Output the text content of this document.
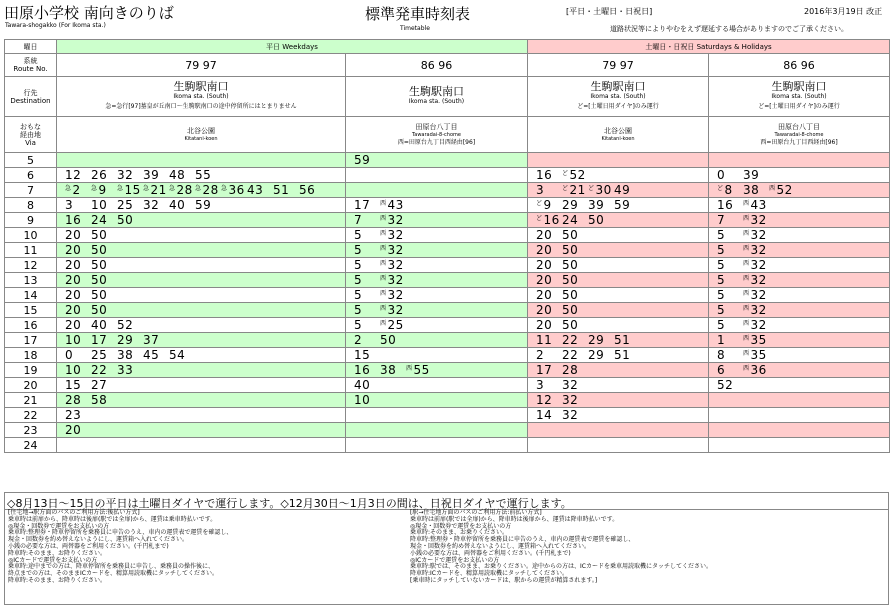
田原小学校 南向きのりば
Tawara-shogakko (For Ikoma sta.)
標準発車時刻表
Timetable
[平日・土曜日・日祝日]	2016年3月19日 改正
道路状況等によりやむをえず遅延する場合がありますのでご了承ください。
曜日	平日 Weekdays		土曜日・日祝日 Saturdays & Holidays	
系統
Route No.	79 97	86 96	79 97	86 96
行先
Destination	生駒駅南口
Ikoma sta. (South)
急=急行[97]墓皇が丘南口～生駒駅南口の途中停留所にはとまりません	生駒駅南口
Ikoma sta. (South)	生駒駅南口
Ikoma sta. (South)
ど=[土曜日用ダイヤ]のみ運行	生駒駅南口
Ikoma sta. (South)
ど=[土曜日用ダイヤ]のみ運行

おもな
経由地
Via	北谷公園
Kitatani-koen	田原台八丁目
Tawaradai-8-chome
西=田原台九丁目西経由[96]	北谷公園
Kitatani-koen	田原台八丁目
Tawaradai-8-chome
西=田原台九丁目西経由[96]

5		59		
6	12 26 32 39 48 55		16 $^ど$52	0 39
7	$^急$2 $^急$9 $^急$15 $^急$21 $^急$28 $^急$28 $^急$36 43 51 56		3 $^ど$21 $^ど$30 49	$^ど$8 38 $^西$52
8	3 10 25 32 40 59	17 $^西$43	$^ど$9 29 39 59	16 $^西$43
9	16 24 50	7 $^西$32	$^ど$16 24 50	7 $^西$32
10	20 50	5 $^西$32	20 50	5 $^西$32
11	20 50	5 $^西$32	20 50	5 $^西$32
12	20 50	5 $^西$32	20 50	5 $^西$32
13	20 50	5 $^西$32	20 50	5 $^西$32
14	20 50	5 $^西$32	20 50	5 $^西$32
15	20 50	5 $^西$32	20 50	5 $^西$32
16	20 40 52	5 $^西$25	20 50	5 $^西$32
17	10 17 29 37	2 50	11 22 29 51	1 $^西$35
18	0 25 38 45 54	15	2 22 29 51	8 $^西$35
19	10 22 33	16 38 $^西$55	17 28	6 $^西$36
20	15 27	40	3 32	52
21	28 58	10	12 32	
22	23		14 32	
23	20			
24				
◇8月13日～15日の平日は土曜日ダイヤで運行します。◇12月30日～1月3日の間は、日祝日ダイヤで運行します。
[住宅地→駅方面のバスのご利用方法:後払い方式]
乗車時は前扉から、降車時は後扉(駅では全扉)から、運賃は乗車時払いです。
◎現金・回数券で運賃をお支払いの方
乗車時:整理券・降車停留所を乗務員に申告のうえ、車内の運賃表で運賃を確認し、
現金・回数券を約め替えないようにし、運賃箱へ入れてください。
小銭の必要な方は、両替器をご利用ください。(千円札まで)
降車時:そのまま、お降りください。
◎ICカードで運賃をお支払いの方
乗車時:途中までの方は、降車停留所を乗務員に申告し、乗務員の操作後に、
終点までの方は、そのままICカードを、精算用読取機にタッチしてください。
降車時:そのまま、お降りください。
[駅→住宅地方面のバスのご利用方法:前払い方式]
乗車時は前扉(駅では全扉)から、降車時は後扉から、運賃は降車時払いです。
◎現金・回数券で運賃をお支払いの方
乗車時:そのまま、お乗りください。
降車時:整理券・降車停留所を乗務員に申告のうえ、車内の運賃表で運賃を確認し、
現金・回数券を約め替えないようにし、運賃箱へ入れてください。
小銭の必要な方は、両替器をご利用ください。(千円札まで)
◎ICカードで運賃をお支払いの方
乗車時:駅では、そのまま、お乗りください。途中からの方は、ICカードを乗車用読取機にタッチしてください。
降車時:ICカードを、精算用読取機にタッチしてください。
[乗車時にタッチしていないカードは、駅からの運賃が精算されます。]
